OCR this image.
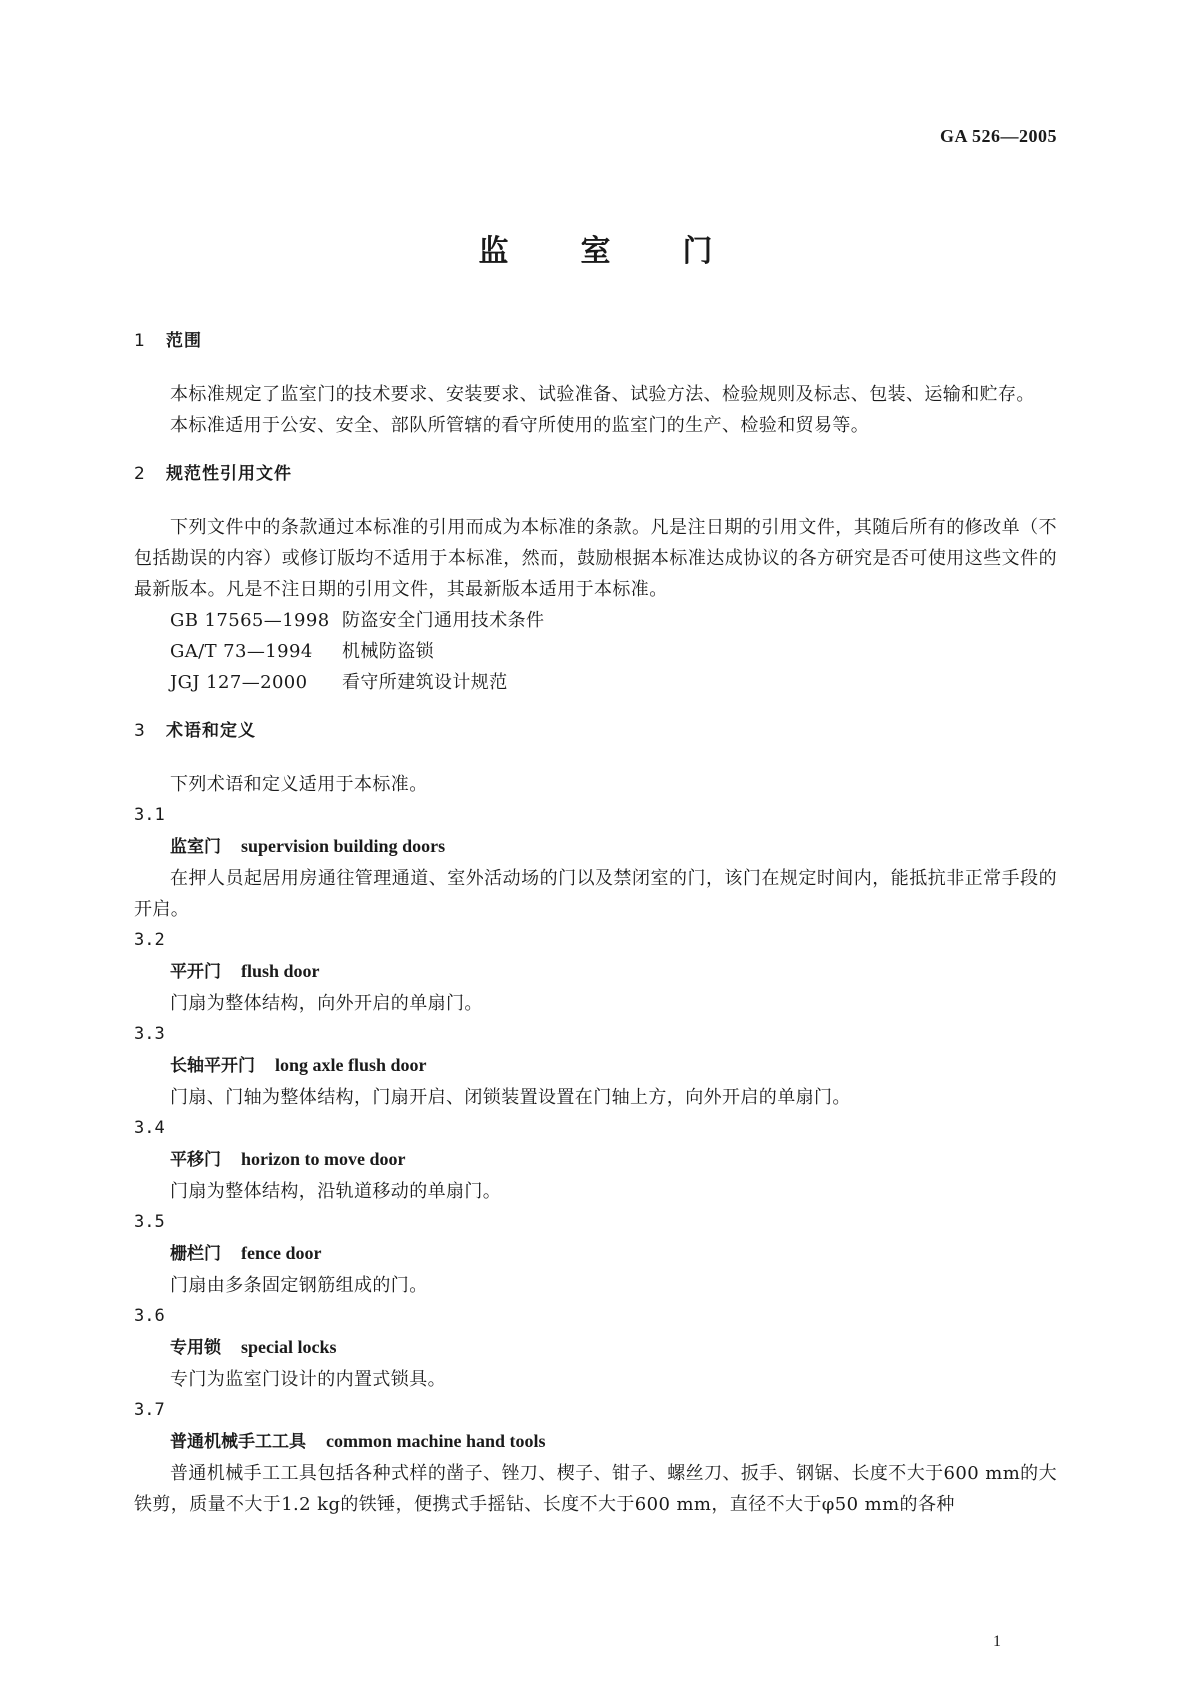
GA 526—2005
监 室 门
1 范围

本标准规定了监室门的技术要求、安装要求、试验准备、试验方法、检验规则及标志、包装、运输和贮存。

本标准适用于公安、安全、部队所管辖的看守所使用的监室门的生产、检验和贸易等。

2 规范性引用文件

下列文件中的条款通过本标准的引用而成为本标准的条款。凡是注日期的引用文件，其随后所有的修改单（不包括勘误的内容）或修订版均不适用于本标准，然而，鼓励根据本标准达成协议的各方研究是否可使用这些文件的最新版本。凡是不注日期的引用文件，其最新版本适用于本标准。

GB 17565—1998 防盗安全门通用技术条件

GA/T 73—1994 机械防盗锁

JGJ 127—2000 看守所建筑设计规范

3 术语和定义

下列术语和定义适用于本标准。

3.1

监室门 supervision building doors

在押人员起居用房通往管理通道、室外活动场的门以及禁闭室的门，该门在规定时间内，能抵抗非正常手段的开启。

3.2

平开门 flush door

门扇为整体结构，向外开启的单扇门。

3.3

长轴平开门 long axle flush door

门扇、门轴为整体结构，门扇开启、闭锁装置设置在门轴上方，向外开启的单扇门。

3.4

平移门 horizon to move door

门扇为整体结构，沿轨道移动的单扇门。

3.5

栅栏门 fence door

门扇由多条固定钢筋组成的门。

3.6

专用锁 special locks

专门为监室门设计的内置式锁具。

3.7

普通机械手工工具 common machine hand tools

普通机械手工工具包括各种式样的凿子、锉刀、楔子、钳子、螺丝刀、扳手、钢锯、长度不大于600 mm的大铁剪，质量不大于1.2 kg的铁锤，便携式手摇钻、长度不大于600 mm，直径不大于φ50 mm的各种

1
